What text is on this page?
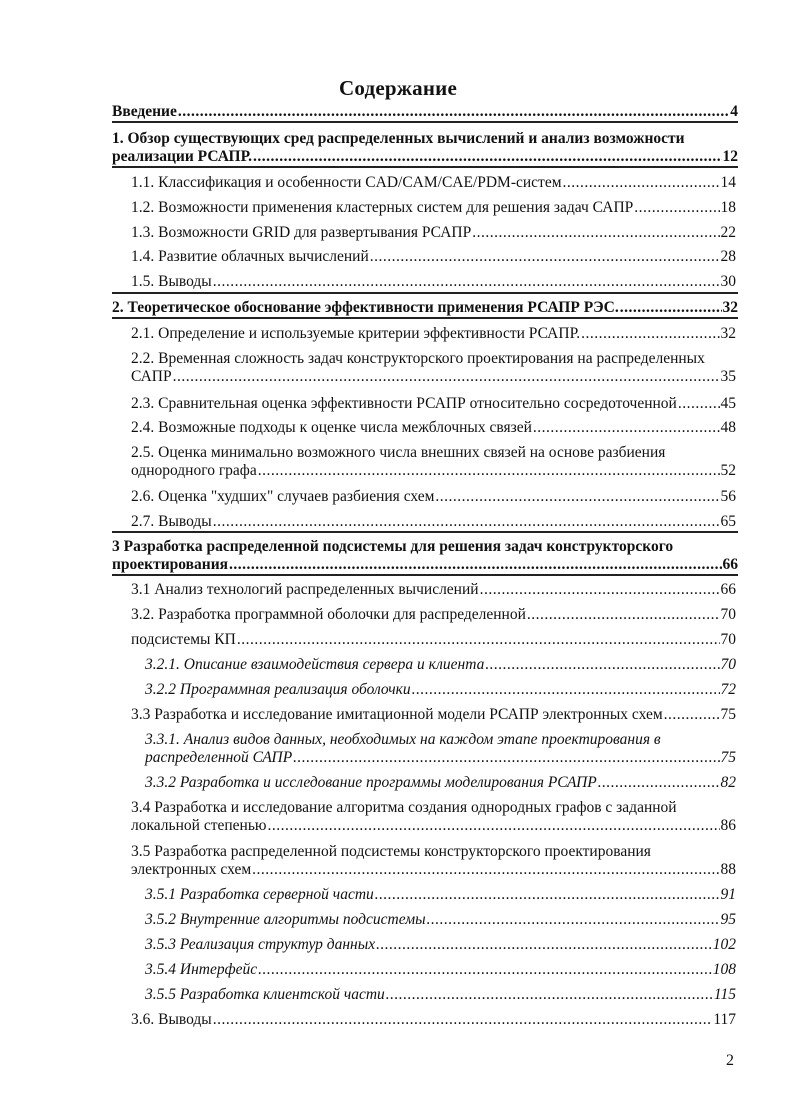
Содержание
Введение .....	4
1. Обзор существующих сред распределенных вычислений и анализ возможности
реализации РСАПР. .....	12
1.1. Классификация и особенности CAD/CAM/CAE/PDM-систем .....	14
1.2. Возможности применения кластерных систем для решения задач САПР .....	18
1.3. Возможности GRID для развертывания РСАПР .....	22
1.4. Развитие облачных вычислений .....	28
1.5. Выводы .....	30
2. Теоретическое обоснование эффективности применения РСАПР РЭС. .....	32
2.1. Определение и используемые критерии эффективности РСАПР. .....	32
2.2. Временная сложность задач конструкторского проектирования на распределенных
САПР .....	35
2.3. Сравнительная оценка эффективности РСАПР относительно сосредоточенной .....	45
2.4. Возможные подходы к оценке числа межблочных связей .....	48
2.5. Оценка минимально возможного числа внешних связей на основе разбиения
однородного графа .....	52
2.6. Оценка "худших" случаев разбиения схем .....	56
2.7. Выводы .....	65
3 Разработка распределенной подсистемы для решения задач конструкторского
проектирования .....	66
3.1 Анализ технологий распределенных вычислений .....	66
3.2. Разработка программной оболочки для распределенной .....	70
подсистемы КП .....	70
3.2.1. Описание взаимодействия сервера и клиента .....	70
3.2.2 Программная реализация оболочки .....	72
3.3 Разработка и исследование имитационной модели РСАПР электронных схем .....	75
3.3.1. Анализ видов данных, необходимых на каждом этапе проектирования в
распределенной САПР .....	75
3.3.2 Разработка и исследование программы моделирования РСАПР .....	82
3.4 Разработка и исследование алгоритма создания однородных графов с заданной
локальной степенью .....	86
3.5 Разработка распределенной подсистемы конструкторского проектирования
электронных схем .....	88
3.5.1 Разработка серверной части .....	91
3.5.2 Внутренние алгоритмы подсистемы .....	95
3.5.3 Реализация структур данных .....	102
3.5.4 Интерфейс .....	108
3.5.5 Разработка клиентской части .....	115
3.6. Выводы .....	117
2
